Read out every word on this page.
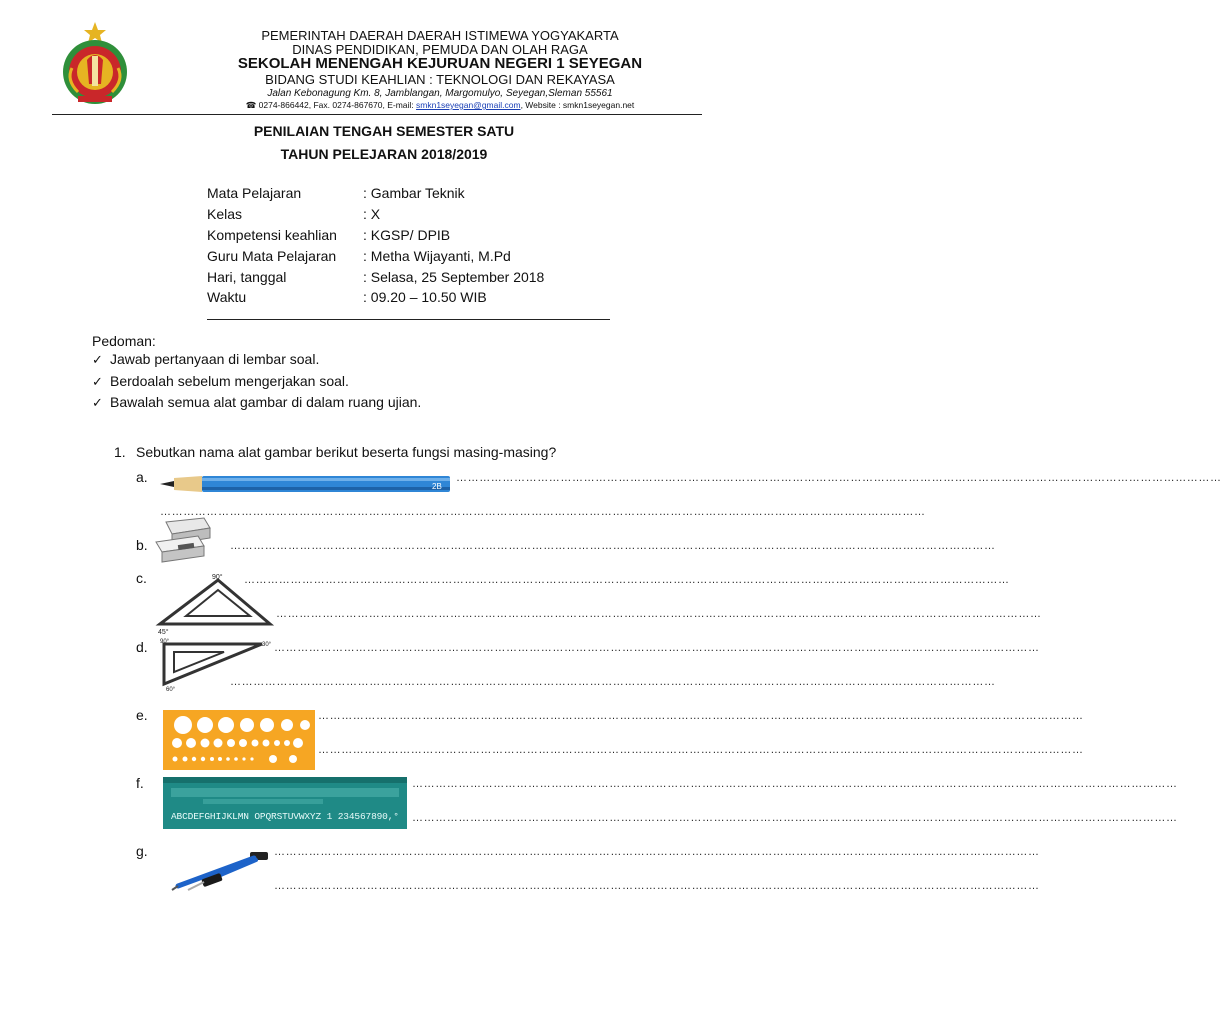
PEMERINTAH DAERAH DAERAH ISTIMEWA YOGYAKARTA
DINAS PENDIDIKAN, PEMUDA DAN OLAH RAGA
SEKOLAH MENENGAH KEJURUAN NEGERI 1 SEYEGAN
BIDANG STUDI KEAHLIAN : TEKNOLOGI DAN REKAYASA
Jalan Kebonagung Km. 8, Jamblangan, Margomulyo, Seyegan,Sleman 55561
☎ 0274-866442, Fax. 0274-867670, E-mail: smkn1seyegan@gmail.com, Website : smkn1seyegan.net
PENILAIAN TENGAH SEMESTER SATU
TAHUN PELEJARAN 2018/2019
Mata Pelajaran	: Gambar Teknik
Kelas	: X
Kompetensi keahlian : KGSP/ DPIB
Guru Mata Pelajaran : Metha Wijayanti, M.Pd
Hari, tanggal	: Selasa, 25 September 2018
Waktu	: 09.20 – 10.50 WIB
Pedoman:
✓ Jawab pertanyaan di lembar soal.
✓ Berdoalah sebelum mengerjakan soal.
✓ Bawalah semua alat gambar di dalam ruang ujian.
1. Sebutkan nama alat gambar berikut beserta fungsi masing-masing?
a.
2B
………………………………………………………………………………………………………………………………………………………………………………
………………………………………………………………………………………………………………………………………………………………………………
b.	………………………………………………………………………………………………………………………………………………………………………………
c.	90°
45°
………………………………………………………………………………………………………………………………………………………………………………
………………………………………………………………………………………………………………………………………………………………………………
d. 90°	30°
60°
………………………………………………………………………………………………………………………………………………………………………………
………………………………………………………………………………………………………………………………………………………………………………
e.	………………………………………………………………………………………………………………………………………………………………………………
………………………………………………………………………………………………………………………………………………………………………………
f.
ABCDEFGHIJKLMN OPQRSTUVWXYZ 1 234567890,°
………………………………………………………………………………………………………………………………………………………………………………
………………………………………………………………………………………………………………………………………………………………………………
g.	………………………………………………………………………………………………………………………………………………………………………………
………………………………………………………………………………………………………………………………………………………………………………
